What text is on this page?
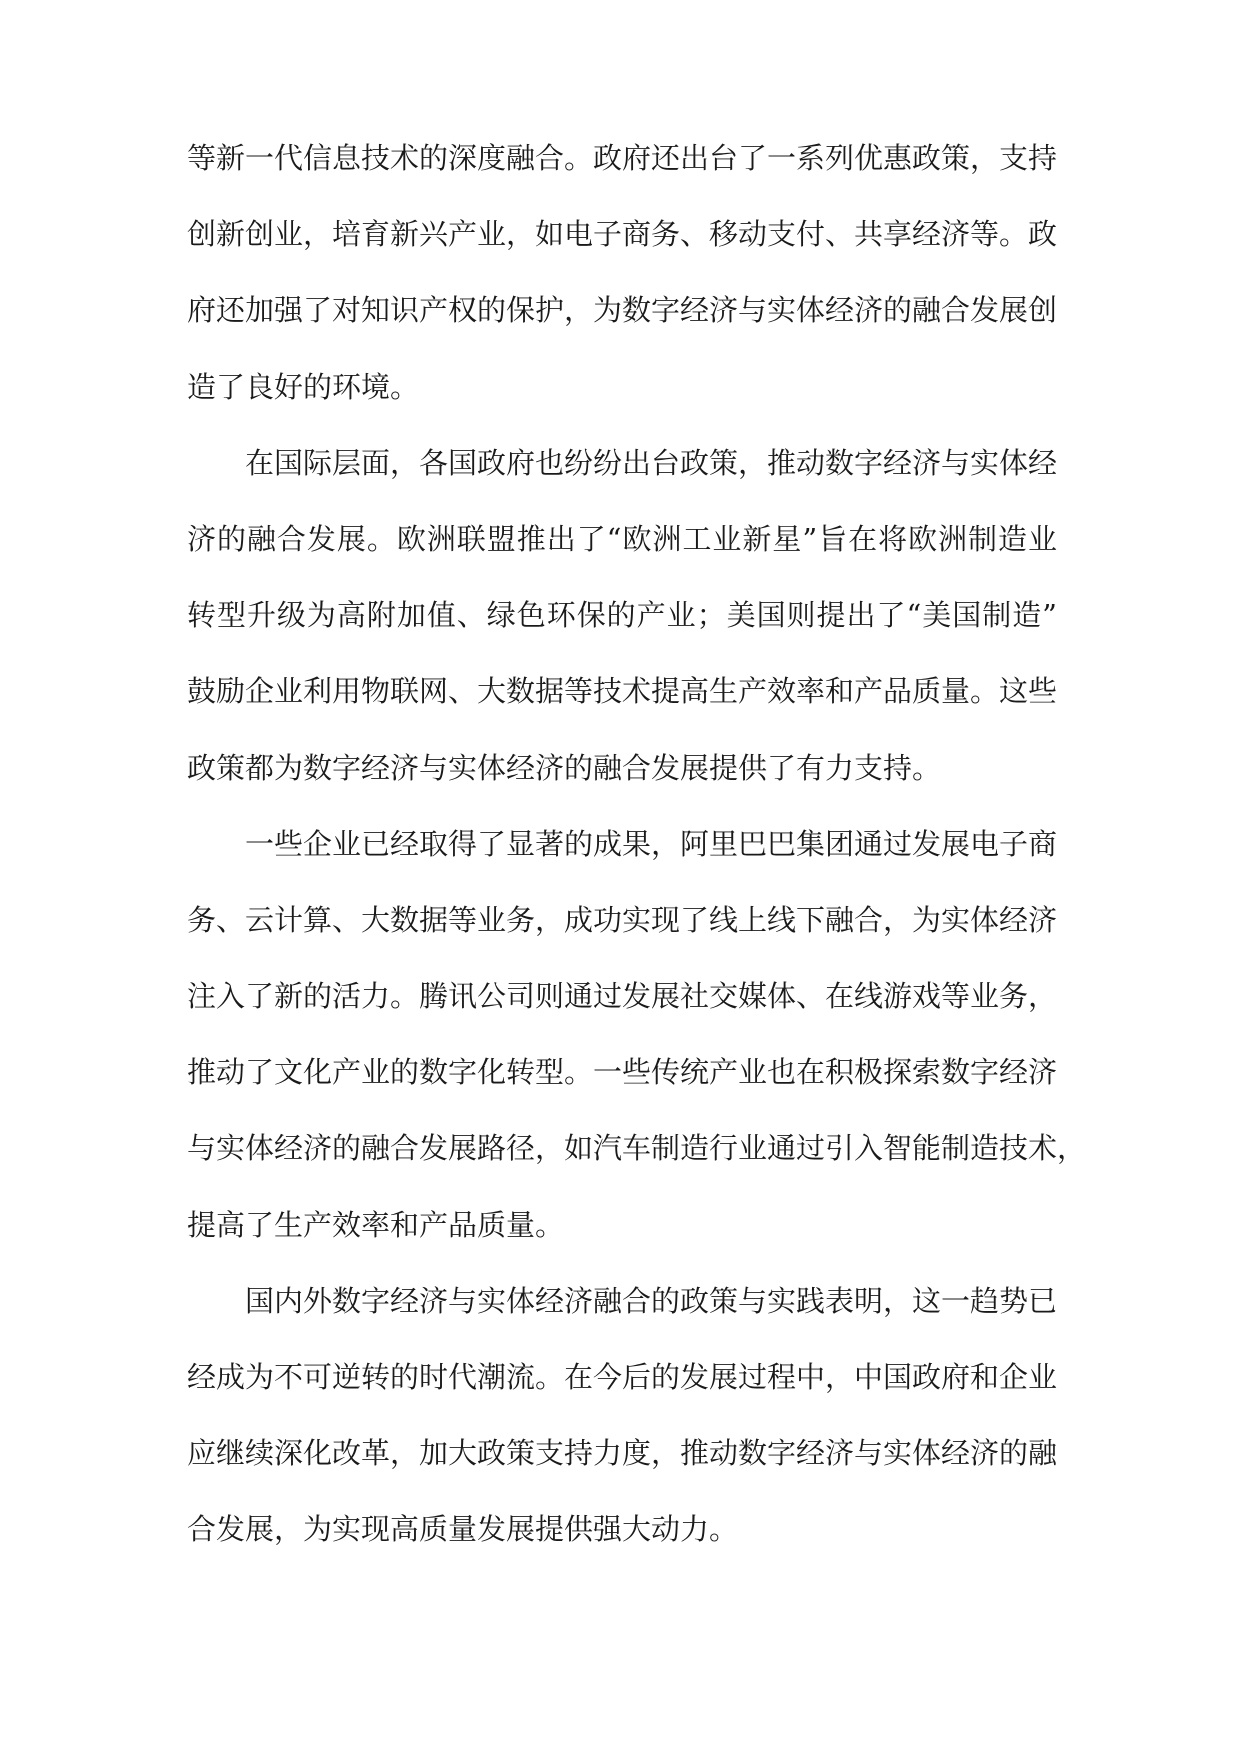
等新一代信息技术的深度融合。政府还出台了一系列优惠政策，支持
创新创业，培育新兴产业，如电子商务、移动支付、共享经济等。政
府还加强了对知识产权的保护，为数字经济与实体经济的融合发展创
造了良好的环境。
在国际层面，各国政府也纷纷出台政策，推动数字经济与实体经
济的融合发展。欧洲联盟推出了“欧洲工业新星”旨在将欧洲制造业
转型升级为高附加值、绿色环保的产业；美国则提出了“美国制造”
鼓励企业利用物联网、大数据等技术提高生产效率和产品质量。这些
政策都为数字经济与实体经济的融合发展提供了有力支持。
一些企业已经取得了显著的成果，阿里巴巴集团通过发展电子商
务、云计算、大数据等业务，成功实现了线上线下融合，为实体经济
注入了新的活力。腾讯公司则通过发展社交媒体、在线游戏等业务，
推动了文化产业的数字化转型。一些传统产业也在积极探索数字经济
与实体经济的融合发展路径，如汽车制造行业通过引入智能制造技术，
提高了生产效率和产品质量。
国内外数字经济与实体经济融合的政策与实践表明，这一趋势已
经成为不可逆转的时代潮流。在今后的发展过程中，中国政府和企业
应继续深化改革，加大政策支持力度，推动数字经济与实体经济的融
合发展，为实现高质量发展提供强大动力。
